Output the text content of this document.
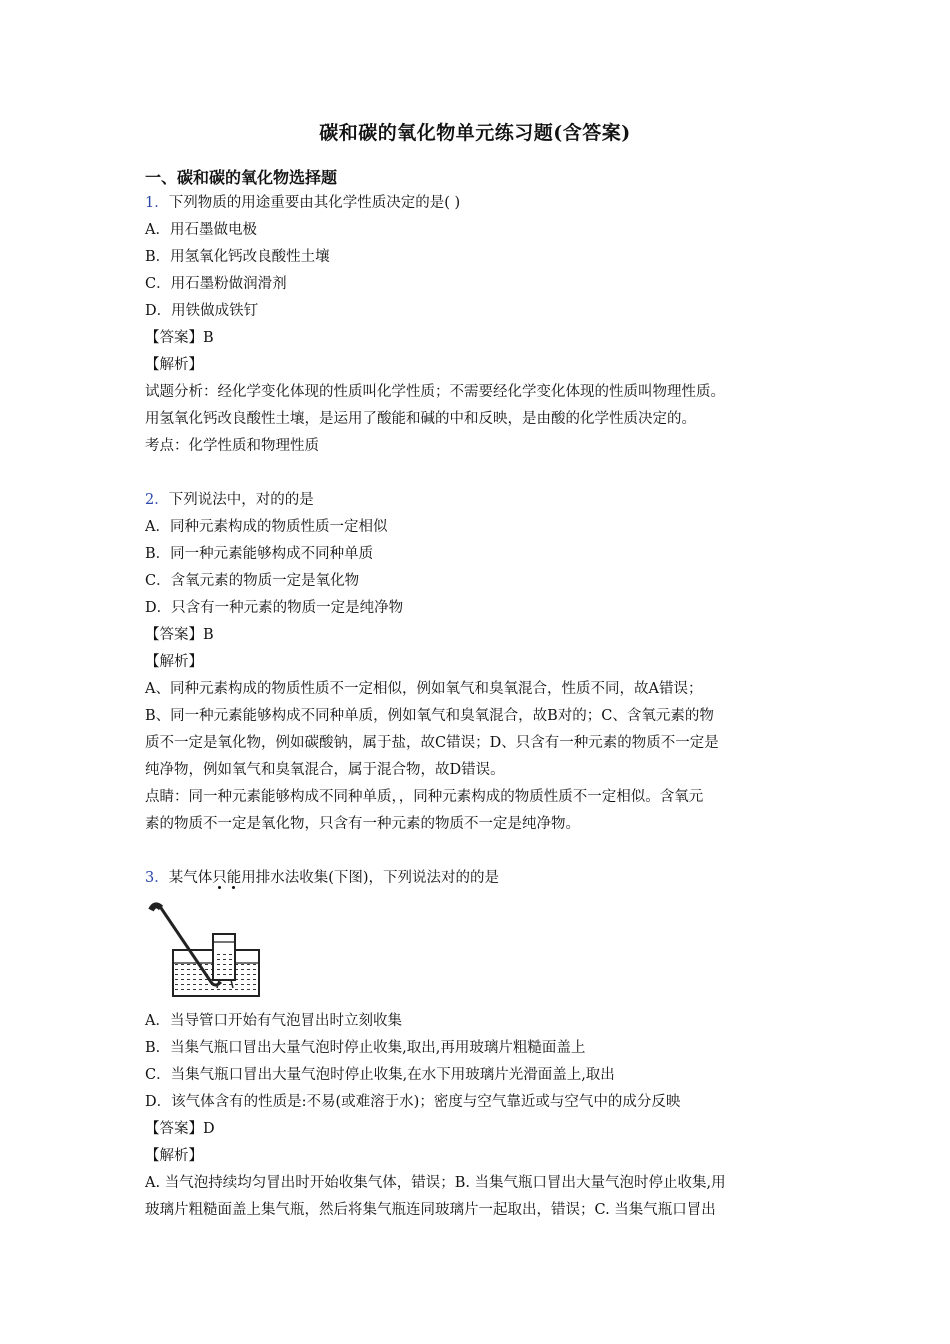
碳和碳的氧化物单元练习题(含答案)

一、碳和碳的氧化物选择题

1．下列物质的用途重要由其化学性质决定的是( )

A．用石墨做电极

B．用氢氧化钙改良酸性土壤

C．用石墨粉做润滑剂

D．用铁做成铁钉

【答案】B

【解析】

试题分析：经化学变化体现的性质叫化学性质；不需要经化学变化体现的性质叫物理性质。

用氢氧化钙改良酸性土壤，是运用了酸能和碱的中和反映，是由酸的化学性质决定的。

考点：化学性质和物理性质

2．下列说法中，对的的是

A．同种元素构成的物质性质一定相似

B．同一种元素能够构成不同种单质

C．含氧元素的物质一定是氧化物

D．只含有一种元素的物质一定是纯净物

【答案】B

【解析】

A、同种元素构成的物质性质不一定相似，例如氧气和臭氧混合，性质不同，故A错误；

B、同一种元素能够构成不同种单质，例如氧气和臭氧混合，故B对的；C、含氧元素的物

质不一定是氧化物，例如碳酸钠，属于盐，故C错误；D、只含有一种元素的物质不一定是

纯净物，例如氧气和臭氧混合，属于混合物，故D错误。

点睛：同一种元素能够构成不同种单质，，同种元素构成的物质性质不一定相似。含氧元

素的物质不一定是氧化物，只含有一种元素的物质不一定是纯净物。

3．某气体只能用排水法收集(下图)，下列说法对的的是

A．当导管口开始有气泡冒出时立刻收集

B．当集气瓶口冒出大量气泡时停止收集,取出,再用玻璃片粗糙面盖上

C．当集气瓶口冒出大量气泡时停止收集,在水下用玻璃片光滑面盖上,取出

D．该气体含有的性质是:不易(或难溶于水)；密度与空气靠近或与空气中的成分反映

【答案】D

【解析】

A. 当气泡持续均匀冒出时开始收集气体，错误；B. 当集气瓶口冒出大量气泡时停止收集,用

玻璃片粗糙面盖上集气瓶，然后将集气瓶连同玻璃片一起取出，错误；C. 当集气瓶口冒出
